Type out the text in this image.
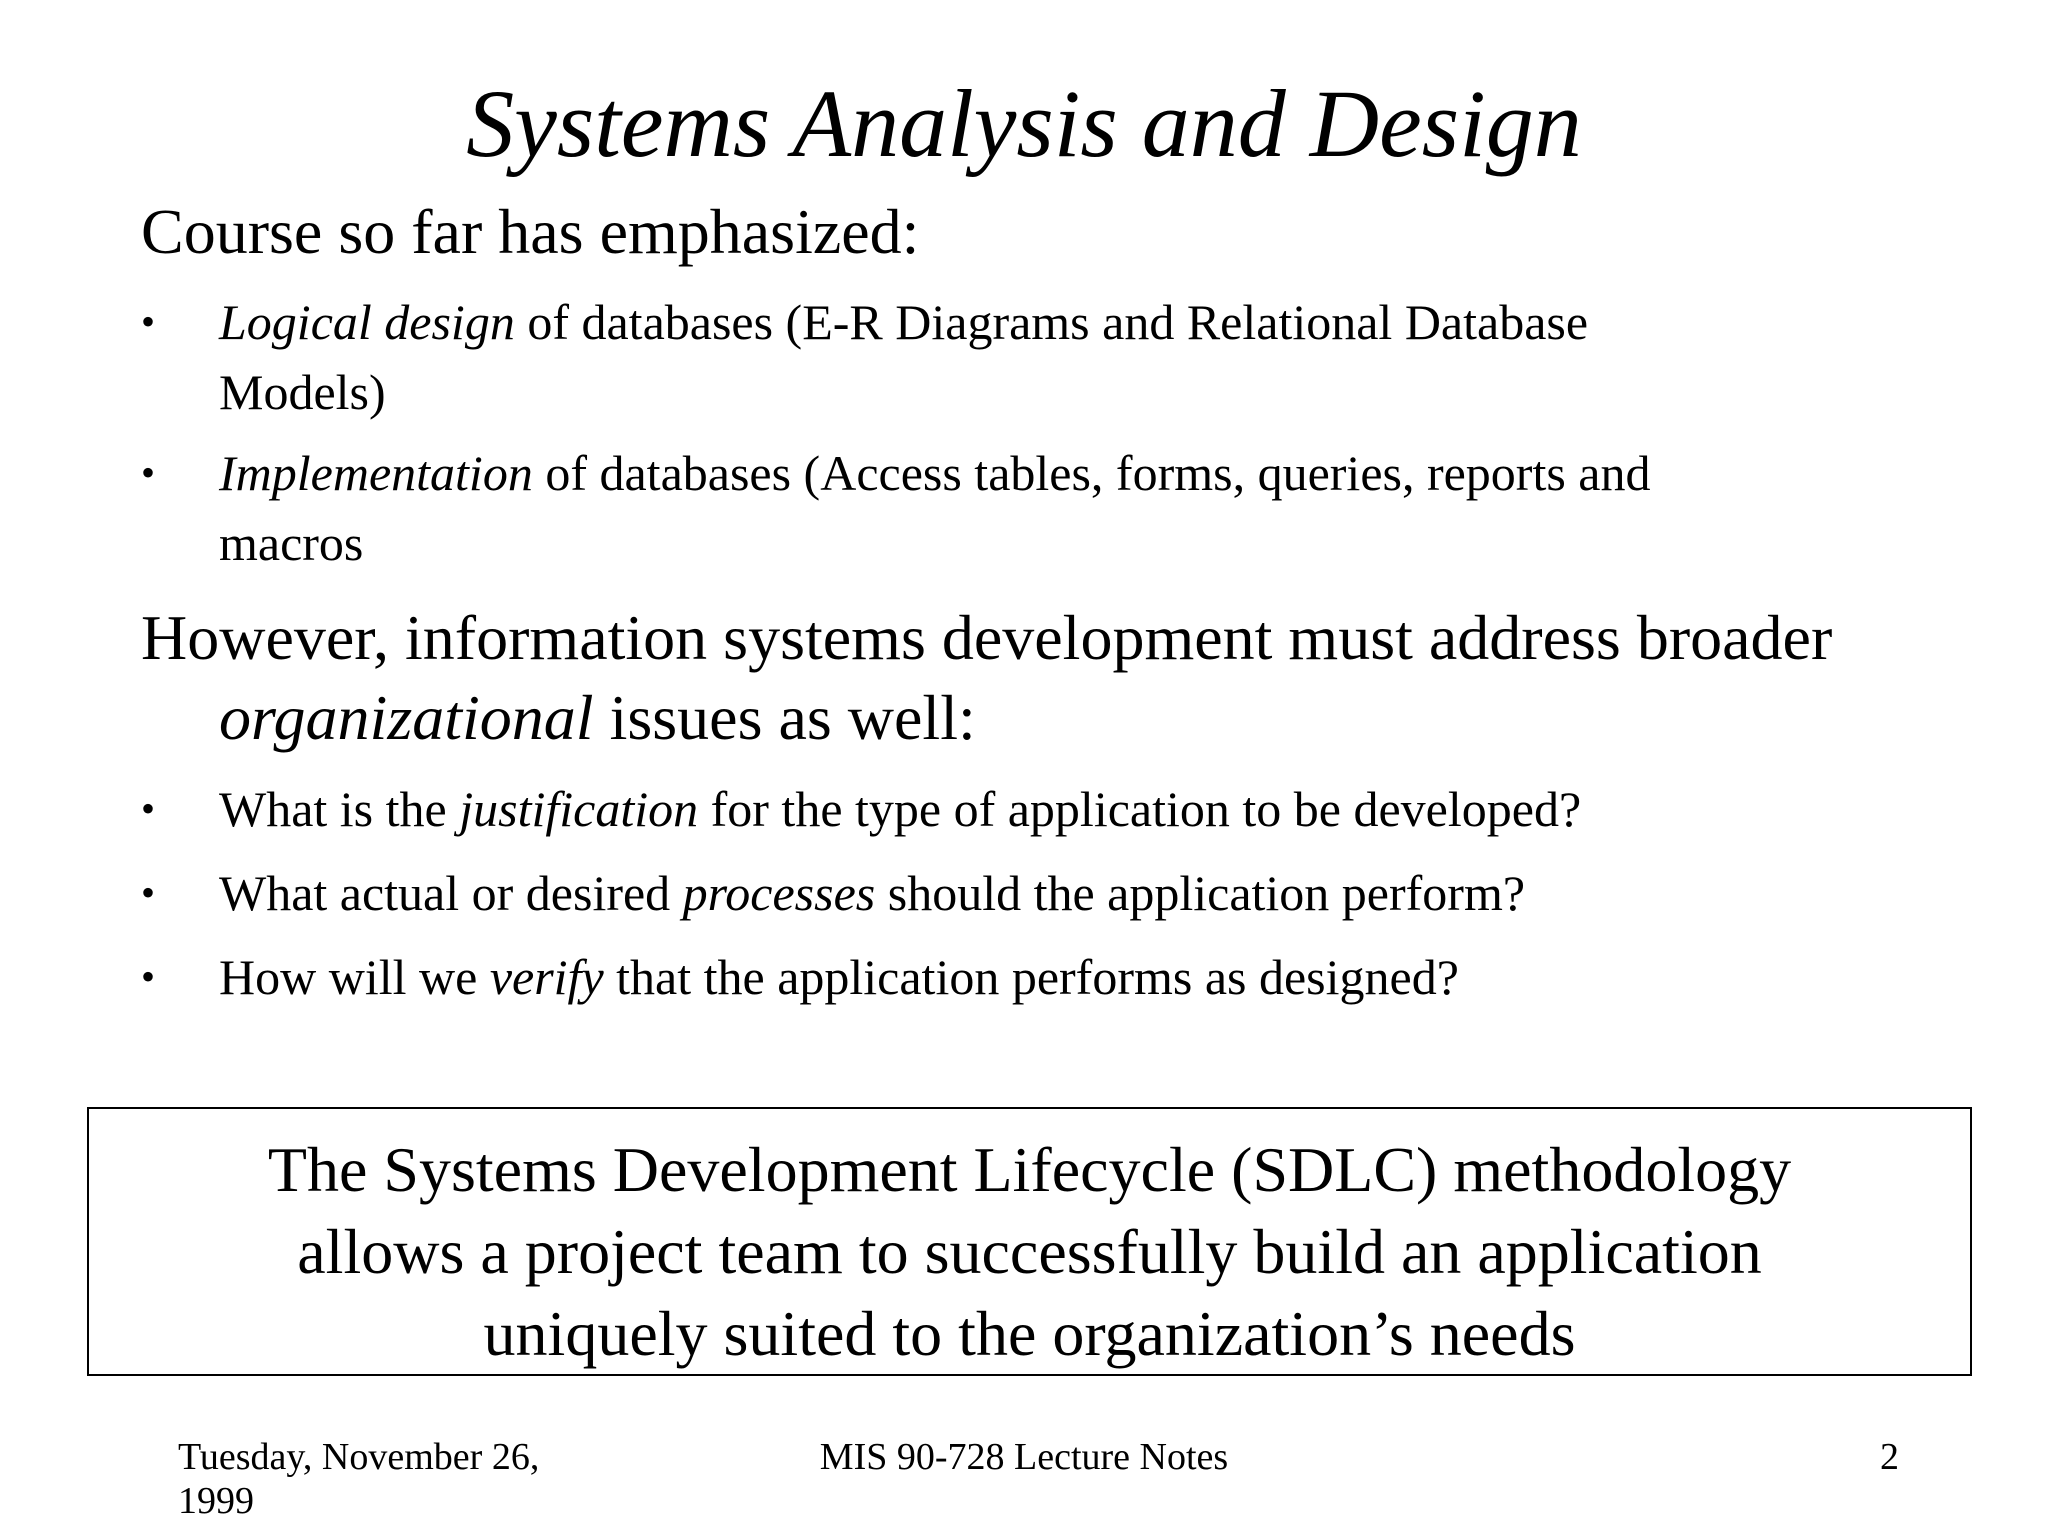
Systems Analysis and Design
Course so far has emphasized:
•	Logical design of databases (E-R Diagrams and Relational Database
Models)
•	Implementation of databases (Access tables, forms, queries, reports and
macros
However, information systems development must address broader
organizational issues as well:
•	What is the justification for the type of application to be developed?
•	What actual or desired processes should the application perform?
•	How will we verify that the application performs as designed?
The Systems Development Lifecycle (SDLC) methodology
allows a project team to successfully build an application
uniquely suited to the organization’s needs
Tuesday, November 26,
1999
MIS 90-728 Lecture Notes	2
